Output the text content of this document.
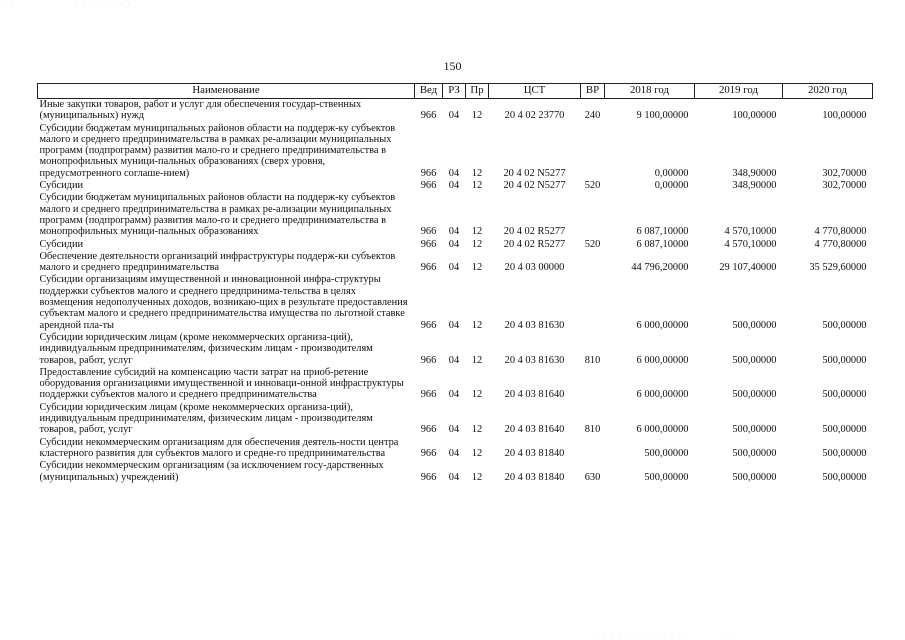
· ·                 · · · · · · · ·
150
Наименование	Вед	РЗ	Пр	ЦСТ	ВР	2018 год	2019 год	2020 год
Иные закупки товаров, работ и услуг для обеспечения государ-ственных (муниципальных) нужд	966	04	12	20 4 02 23770	240	9 100,00000	100,00000	100,00000
Субсидии бюджетам муниципальных районов области на поддерж-ку субъектов малого и среднего предпринимательства в рамках ре-ализации муниципальных программ (подпрограмм) развития мало-го и среднего предпринимательства в монопрофильных муници-пальных образованиях (сверх уровня, предусмотренного соглаше-нием)	966	04	12	20 4 02 N5277		0,00000	348,90000	302,70000
Субсидии	966	04	12	20 4 02 N5277	520	0,00000	348,90000	302,70000
Субсидии бюджетам муниципальных районов области на поддерж-ку субъектов малого и среднего предпринимательства в рамках ре-ализации муниципальных программ (подпрограмм) развития мало-го и среднего предпринимательства в монопрофильных муници-пальных образованиях	966	04	12	20 4 02 R5277		6 087,10000	4 570,10000	4 770,80000
Субсидии	966	04	12	20 4 02 R5277	520	6 087,10000	4 570,10000	4 770,80000
Обеспечение деятельности организаций инфраструктуры поддерж-ки субъектов малого и среднего предпринимательства	966	04	12	20 4 03 00000		44 796,20000	29 107,40000	35 529,60000
Субсидии организациям имущественной и инновационной инфра-структуры поддержки субъектов малого и среднего предпринима-тельства в целях возмещения недополученных доходов, возникаю-щих в результате предоставления субъектам малого и среднего предпринимательства имущества по льготной ставке арендной пла-ты	966	04	12	20 4 03 81630		6 000,00000	500,00000	500,00000
Субсидии юридическим лицам (кроме некоммерческих организа-ций), индивидуальным предпринимателям, физическим лицам - производителям товаров, работ, услуг	966	04	12	20 4 03 81630	810	6 000,00000	500,00000	500,00000
Предоставление субсидий на компенсацию части затрат на приоб-ретение оборудования организациями имущественной и инноваци-онной инфраструктуры поддержки субъектов малого и среднего предпринимательства	966	04	12	20 4 03 81640		6 000,00000	500,00000	500,00000
Субсидии юридическим лицам (кроме некоммерческих организа-ций), индивидуальным предпринимателям, физическим лицам - производителям товаров, работ, услуг	966	04	12	20 4 03 81640	810	6 000,00000	500,00000	500,00000
Субсидии некоммерческим организациям для обеспечения деятель-ности центра кластерного развития для субъектов малого и средне-го предпринимательства	966	04	12	20 4 03 81840		500,00000	500,00000	500,00000
Субсидии некоммерческим организациям (за исключением госу-дарственных (муниципальных) учреждений)	966	04	12	20 4 03 81840	630	500,00000	500,00000	500,00000
· · · · · · · · · · · · ·          · ·
